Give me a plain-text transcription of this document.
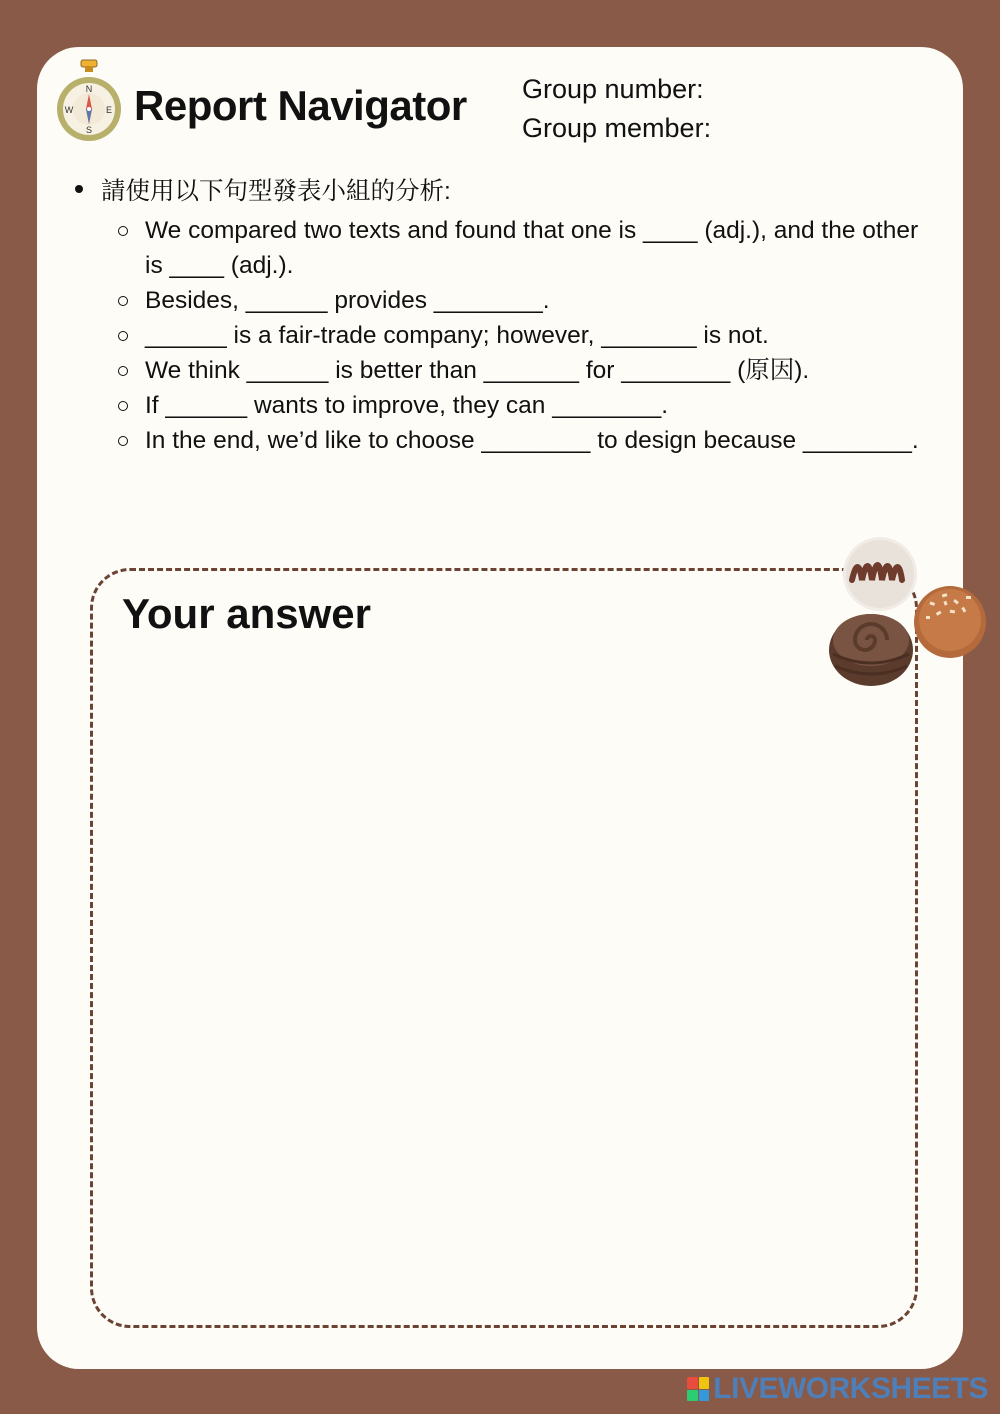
N
S
W	E Report Navigator Group number:
Group member:
請使用以下句型發表小組的分析:
We compared two texts and found that one is ____ (adj.), and the other is ____ (adj.).
Besides, ______ provides ________.
______ is a fair-trade company; however, _______ is not.
We think ______ is better than _______ for ________ (原因).
If ______ wants to improve, they can ________.
In the end, we’d like to choose ________ to design because ________.
Your answer
LIVEWORKSHEETS
